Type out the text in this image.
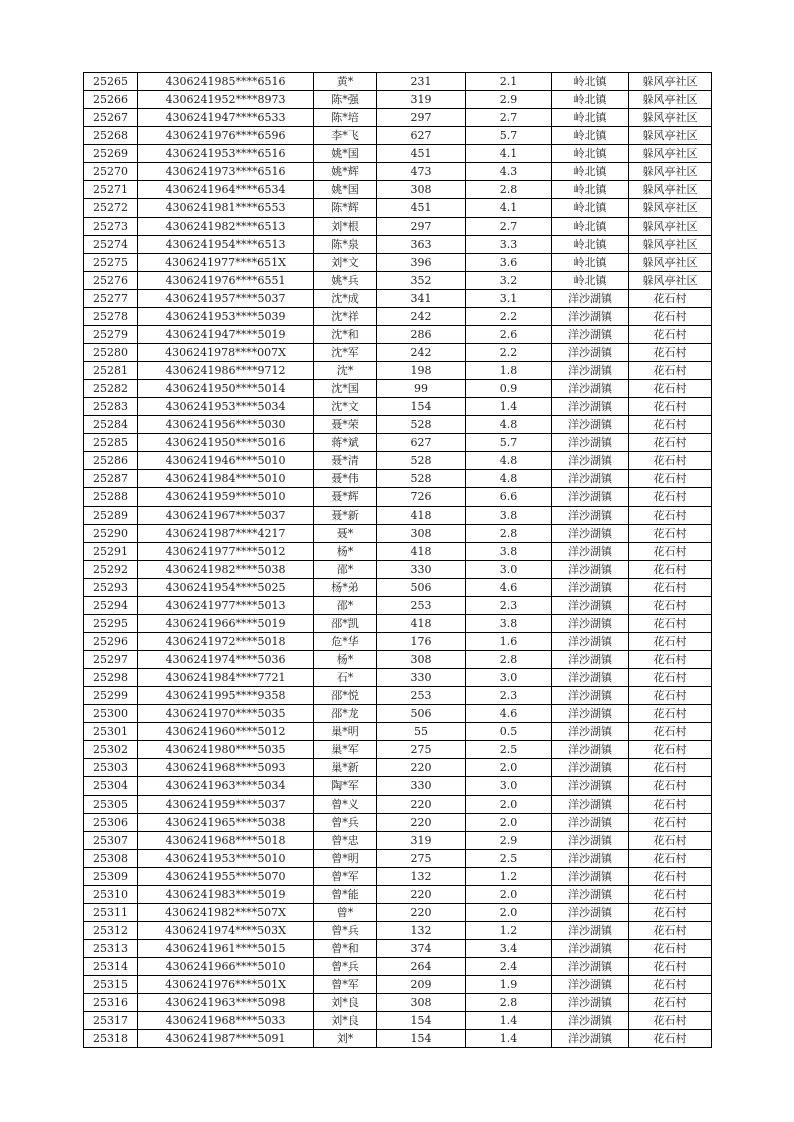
25265	4306241985****6516	黄*	231	2.1	岭北镇	躲风亭社区
25266	4306241952****8973	陈*强	319	2.9	岭北镇	躲风亭社区
25267	4306241947****6533	陈*培	297	2.7	岭北镇	躲风亭社区
25268	4306241976****6596	李*飞	627	5.7	岭北镇	躲风亭社区
25269	4306241953****6516	姚*国	451	4.1	岭北镇	躲风亭社区
25270	4306241973****6516	姚*辉	473	4.3	岭北镇	躲风亭社区
25271	4306241964****6534	姚*国	308	2.8	岭北镇	躲风亭社区
25272	4306241981****6553	陈*辉	451	4.1	岭北镇	躲风亭社区
25273	4306241982****6513	刘*根	297	2.7	岭北镇	躲风亭社区
25274	4306241954****6513	陈*泉	363	3.3	岭北镇	躲风亭社区
25275	4306241977****651X	刘*文	396	3.6	岭北镇	躲风亭社区
25276	4306241976****6551	姚*兵	352	3.2	岭北镇	躲风亭社区
25277	4306241957****5037	沈*成	341	3.1	洋沙湖镇	花石村
25278	4306241953****5039	沈*祥	242	2.2	洋沙湖镇	花石村
25279	4306241947****5019	沈*和	286	2.6	洋沙湖镇	花石村
25280	4306241978****007X	沈*军	242	2.2	洋沙湖镇	花石村
25281	4306241986****9712	沈*	198	1.8	洋沙湖镇	花石村
25282	4306241950****5014	沈*国	99	0.9	洋沙湖镇	花石村
25283	4306241953****5034	沈*文	154	1.4	洋沙湖镇	花石村
25284	4306241956****5030	聂*荣	528	4.8	洋沙湖镇	花石村
25285	4306241950****5016	蒋*斌	627	5.7	洋沙湖镇	花石村
25286	4306241946****5010	聂*清	528	4.8	洋沙湖镇	花石村
25287	4306241984****5010	聂*伟	528	4.8	洋沙湖镇	花石村
25288	4306241959****5010	聂*辉	726	6.6	洋沙湖镇	花石村
25289	4306241967****5037	聂*新	418	3.8	洋沙湖镇	花石村
25290	4306241987****4217	聂*	308	2.8	洋沙湖镇	花石村
25291	4306241977****5012	杨*	418	3.8	洋沙湖镇	花石村
25292	4306241982****5038	邵*	330	3.0	洋沙湖镇	花石村
25293	4306241954****5025	杨*弟	506	4.6	洋沙湖镇	花石村
25294	4306241977****5013	邵*	253	2.3	洋沙湖镇	花石村
25295	4306241966****5019	邵*凯	418	3.8	洋沙湖镇	花石村
25296	4306241972****5018	危*华	176	1.6	洋沙湖镇	花石村
25297	4306241974****5036	杨*	308	2.8	洋沙湖镇	花石村
25298	4306241984****7721	石*	330	3.0	洋沙湖镇	花石村
25299	4306241995****9358	邵*悦	253	2.3	洋沙湖镇	花石村
25300	4306241970****5035	邵*龙	506	4.6	洋沙湖镇	花石村
25301	4306241960****5012	巢*明	55	0.5	洋沙湖镇	花石村
25302	4306241980****5035	巢*军	275	2.5	洋沙湖镇	花石村
25303	4306241968****5093	巢*新	220	2.0	洋沙湖镇	花石村
25304	4306241963****5034	陶*军	330	3.0	洋沙湖镇	花石村
25305	4306241959****5037	曾*义	220	2.0	洋沙湖镇	花石村
25306	4306241965****5038	曾*兵	220	2.0	洋沙湖镇	花石村
25307	4306241968****5018	曾*忠	319	2.9	洋沙湖镇	花石村
25308	4306241953****5010	曾*明	275	2.5	洋沙湖镇	花石村
25309	4306241955****5070	曾*军	132	1.2	洋沙湖镇	花石村
25310	4306241983****5019	曾*能	220	2.0	洋沙湖镇	花石村
25311	4306241982****507X	曾*	220	2.0	洋沙湖镇	花石村
25312	4306241974****503X	曾*兵	132	1.2	洋沙湖镇	花石村
25313	4306241961****5015	曾*和	374	3.4	洋沙湖镇	花石村
25314	4306241966****5010	曾*兵	264	2.4	洋沙湖镇	花石村
25315	4306241976****501X	曾*军	209	1.9	洋沙湖镇	花石村
25316	4306241963****5098	刘*良	308	2.8	洋沙湖镇	花石村
25317	4306241968****5033	刘*良	154	1.4	洋沙湖镇	花石村
25318	4306241987****5091	刘*	154	1.4	洋沙湖镇	花石村
